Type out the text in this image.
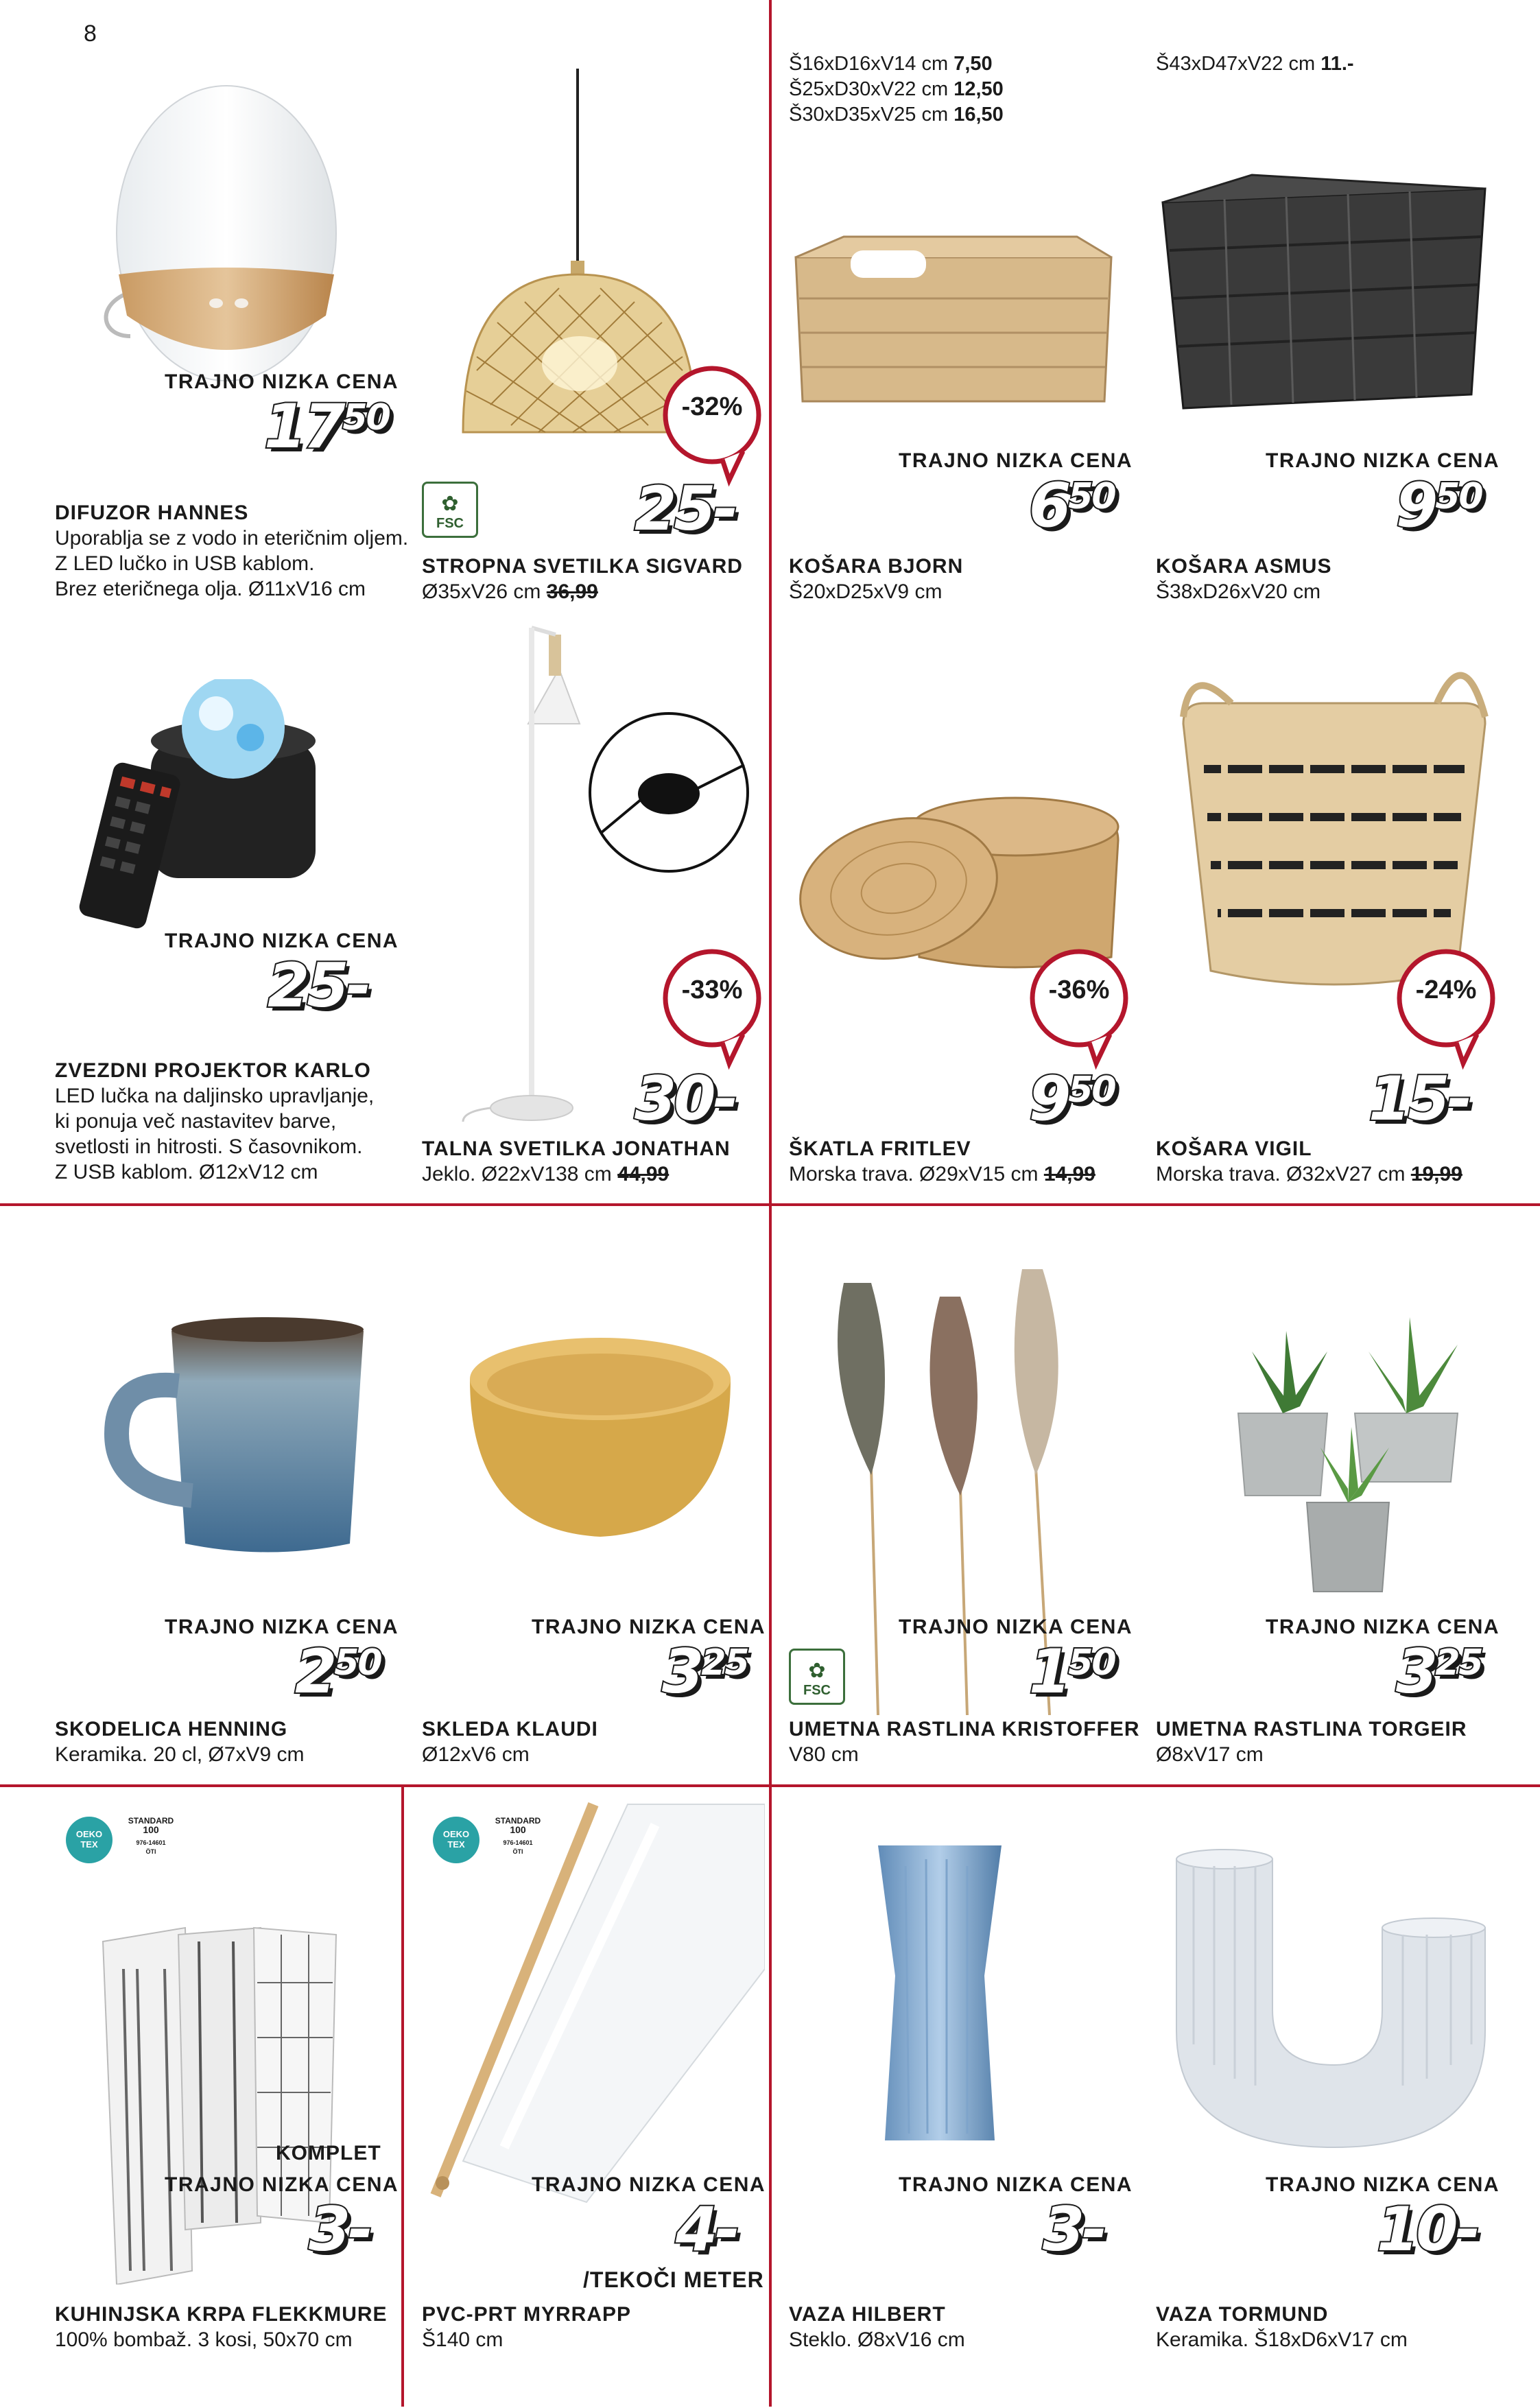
8
TRAJNO NIZKA CENA
1750
DIFUZOR HANNES
Uporablja se z vodo in eteričnim oljem.
Z LED lučko in USB kablom.
Brez eteričnega olja. Ø11xV16 cm
-32%
✿
FSC	25-
STROPNA SVETILKA SIGVARD
Ø35xV26 cm 36,99
Š16xD16xV14 cm 7,50
Š25xD30xV22 cm 12,50
Š30xD35xV25 cm 16,50
TRAJNO NIZKA CENA
650
KOŠARA BJORN
Š20xD25xV9 cm
Š43xD47xV22 cm 11.-
TRAJNO NIZKA CENA
950
KOŠARA ASMUS
Š38xD26xV20 cm
TRAJNO NIZKA CENA
25-
ZVEZDNI PROJEKTOR KARLO
LED lučka na daljinsko upravljanje,
ki ponuja več nastavitev barve,
svetlosti in hitrosti. S časovnikom.
Z USB kablom. Ø12xV12 cm
-33%
30-
TALNA SVETILKA JONATHAN
Jeklo. Ø22xV138 cm 44,99
-36%
950
ŠKATLA FRITLEV
Morska trava. Ø29xV15 cm 14,99
-24%
15-
KOŠARA VIGIL
Morska trava. Ø32xV27 cm 19,99
TRAJNO NIZKA CENA
250
SKODELICA HENNING
Keramika. 20 cl, Ø7xV9 cm
TRAJNO NIZKA CENA
325
SKLEDA KLAUDI
Ø12xV6 cm
TRAJNO NIZKA CENA
✿
FSC	150
UMETNA RASTLINA KRISTOFFER
V80 cm
TRAJNO NIZKA CENA
325
UMETNA RASTLINA TORGEIR
Ø8xV17 cm
OEKO TEX
STANDARD
100
976-14601
ÖTI
KOMPLET
TRAJNO NIZKA CENA
3-
KUHINJSKA KRPA FLEKKMURE
100% bombaž. 3 kosi, 50x70 cm
OEKO TEX
STANDARD
100
976-14601
ÖTI
TRAJNO NIZKA CENA
4-
/TEKOČI METER
PVC-PRT MYRRAPP
Š140 cm
TRAJNO NIZKA CENA
3-
VAZA HILBERT
Steklo. Ø8xV16 cm
TRAJNO NIZKA CENA
10-
VAZA TORMUND
Keramika. Š18xD6xV17 cm
